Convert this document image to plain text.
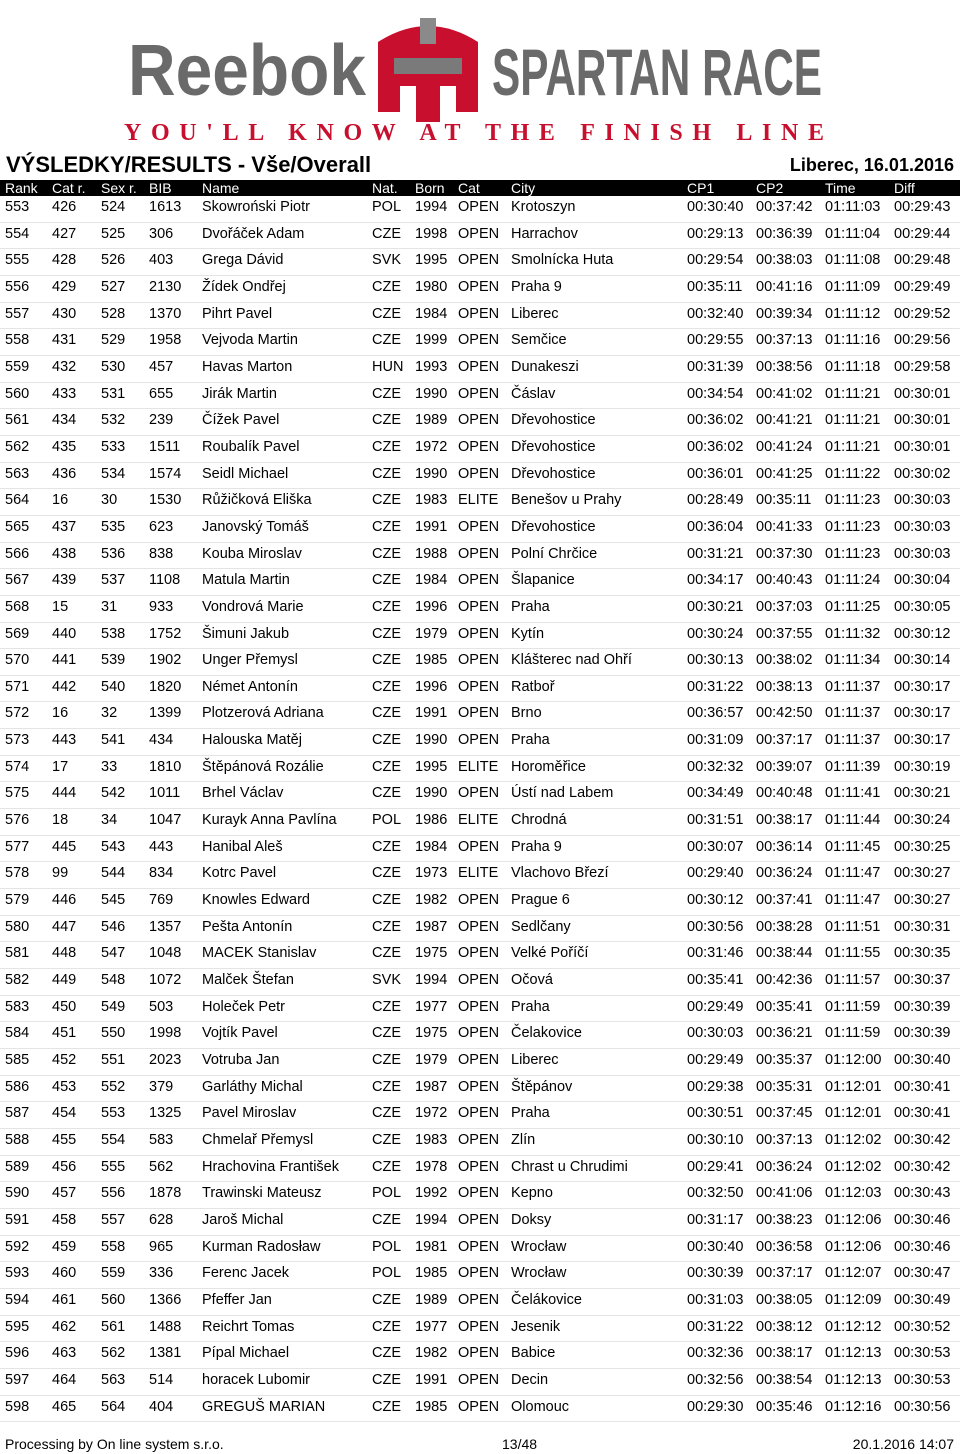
Reebok SPARTAN RACE
YOU'LL KNOW AT THE FINISH LINE
VÝSLEDKY/RESULTS - Vše/Overall	Liberec, 16.01.2016
Rank Cat r. Sex r. BIB Name	Nat. Born Cat City	CP1	CP2	Time	Diff
553 426 524 1613 Skowroński Piotr	POL 1994 OPEN Krotoszyn	00:30:40 00:37:42 01:11:03 00:29:43
554 427 525 306 Dvořáček Adam	CZE 1998 OPEN Harrachov	00:29:13 00:36:39 01:11:04 00:29:44
555 428 526 403 Grega Dávid	SVK 1995 OPEN Smolnícka Huta	00:29:54 00:38:03 01:11:08 00:29:48
556 429 527 2130 Žídek Ondřej	CZE 1980 OPEN Praha 9	00:35:11 00:41:16 01:11:09 00:29:49
557 430 528 1370 Pihrt Pavel	CZE 1984 OPEN Liberec	00:32:40 00:39:34 01:11:12 00:29:52
558 431 529 1958 Vejvoda Martin	CZE 1999 OPEN Semčice	00:29:55 00:37:13 01:11:16 00:29:56
559 432 530 457 Havas Marton	HUN 1993 OPEN Dunakeszi	00:31:39 00:38:56 01:11:18 00:29:58
560 433 531 655 Jirák Martin	CZE 1990 OPEN Čáslav	00:34:54 00:41:02 01:11:21 00:30:01
561 434 532 239 Čížek Pavel	CZE 1989 OPEN Dřevohostice	00:36:02 00:41:21 01:11:21 00:30:01
562 435 533 1511 Roubalík Pavel	CZE 1972 OPEN Dřevohostice	00:36:02 00:41:24 01:11:21 00:30:01
563 436 534 1574 Seidl Michael	CZE 1990 OPEN Dřevohostice	00:36:01 00:41:25 01:11:22 00:30:02
564 16 30 1530 Růžičková Eliška	CZE 1983 ELITE Benešov u Prahy	00:28:49 00:35:11 01:11:23 00:30:03
565 437 535 623 Janovský Tomáš	CZE 1991 OPEN Dřevohostice	00:36:04 00:41:33 01:11:23 00:30:03
566 438 536 838 Kouba Miroslav	CZE 1988 OPEN Polní Chrčice	00:31:21 00:37:30 01:11:23 00:30:03
567 439 537 1108 Matula Martin	CZE 1984 OPEN Šlapanice	00:34:17 00:40:43 01:11:24 00:30:04
568 15 31 933 Vondrová Marie	CZE 1996 OPEN Praha	00:30:21 00:37:03 01:11:25 00:30:05
569 440 538 1752 Šimuni Jakub	CZE 1979 OPEN Kytín	00:30:24 00:37:55 01:11:32 00:30:12
570 441 539 1902 Unger Přemysl	CZE 1985 OPEN Klášterec nad Ohří	00:30:13 00:38:02 01:11:34 00:30:14
571 442 540 1820 Német Antonín	CZE 1996 OPEN Ratboř	00:31:22 00:38:13 01:11:37 00:30:17
572 16 32 1399 Plotzerová Adriana	CZE 1991 OPEN Brno	00:36:57 00:42:50 01:11:37 00:30:17
573 443 541 434 Halouska Matěj	CZE 1990 OPEN Praha	00:31:09 00:37:17 01:11:37 00:30:17
574 17 33 1810 Štěpánová Rozálie	CZE 1995 ELITE Horoměřice	00:32:32 00:39:07 01:11:39 00:30:19
575 444 542 1011 Brhel Václav	CZE 1990 OPEN Ústí nad Labem	00:34:49 00:40:48 01:11:41 00:30:21
576 18 34 1047 Kurayk Anna Pavlína POL 1986 ELITE Chrodná	00:31:51 00:38:17 01:11:44 00:30:24
577 445 543 443 Hanibal Aleš	CZE 1984 OPEN Praha 9	00:30:07 00:36:14 01:11:45 00:30:25
578 99 544 834 Kotrc Pavel	CZE 1973 ELITE Vlachovo Březí	00:29:40 00:36:24 01:11:47 00:30:27
579 446 545 769 Knowles Edward	CZE 1982 OPEN Prague 6	00:30:12 00:37:41 01:11:47 00:30:27
580 447 546 1357 Pešta Antonín	CZE 1987 OPEN Sedlčany	00:30:56 00:38:28 01:11:51 00:30:31
581 448 547 1048 MACEK Stanislav	CZE 1975 OPEN Velké Poříčí	00:31:46 00:38:44 01:11:55 00:30:35
582 449 548 1072 Malček Štefan	SVK 1994 OPEN Očová	00:35:41 00:42:36 01:11:57 00:30:37
583 450 549 503 Holeček Petr	CZE 1977 OPEN Praha	00:29:49 00:35:41 01:11:59 00:30:39
584 451 550 1998 Vojtík Pavel	CZE 1975 OPEN Čelakovice	00:30:03 00:36:21 01:11:59 00:30:39
585 452 551 2023 Votruba Jan	CZE 1979 OPEN Liberec	00:29:49 00:35:37 01:12:00 00:30:40
586 453 552 379 Garláthy Michal	CZE 1987 OPEN Štěpánov	00:29:38 00:35:31 01:12:01 00:30:41
587 454 553 1325 Pavel Miroslav	CZE 1972 OPEN Praha	00:30:51 00:37:45 01:12:01 00:30:41
588 455 554 583 Chmelař Přemysl	CZE 1983 OPEN Zlín	00:30:10 00:37:13 01:12:02 00:30:42
589 456 555 562 Hrachovina František CZE 1978 OPEN Chrast u Chrudimi	00:29:41 00:36:24 01:12:02 00:30:42
590 457 556 1878 Trawinski Mateusz	POL 1992 OPEN Kepno	00:32:50 00:41:06 01:12:03 00:30:43
591 458 557 628 Jaroš Michal	CZE 1994 OPEN Doksy	00:31:17 00:38:23 01:12:06 00:30:46
592 459 558 965 Kurman Radosław	POL 1981 OPEN Wrocław	00:30:40 00:36:58 01:12:06 00:30:46
593 460 559 336 Ferenc Jacek	POL 1985 OPEN Wrocław	00:30:39 00:37:17 01:12:07 00:30:47
594 461 560 1366 Pfeffer Jan	CZE 1989 OPEN Čelákovice	00:31:03 00:38:05 01:12:09 00:30:49
595 462 561 1488 Reichrt Tomas	CZE 1977 OPEN Jesenik	00:31:22 00:38:12 01:12:12 00:30:52
596 463 562 1381 Pípal Michael	CZE 1982 OPEN Babice	00:32:36 00:38:17 01:12:13 00:30:53
597 464 563 514 horacek Lubomir	CZE 1991 OPEN Decin	00:32:56 00:38:54 01:12:13 00:30:53
598 465 564 404 GREGUŠ MARIAN	CZE 1985 OPEN Olomouc	00:29:30 00:35:46 01:12:16 00:30:56
Processing by On line system s.r.o.	13/48	20.1.2016 14:07
